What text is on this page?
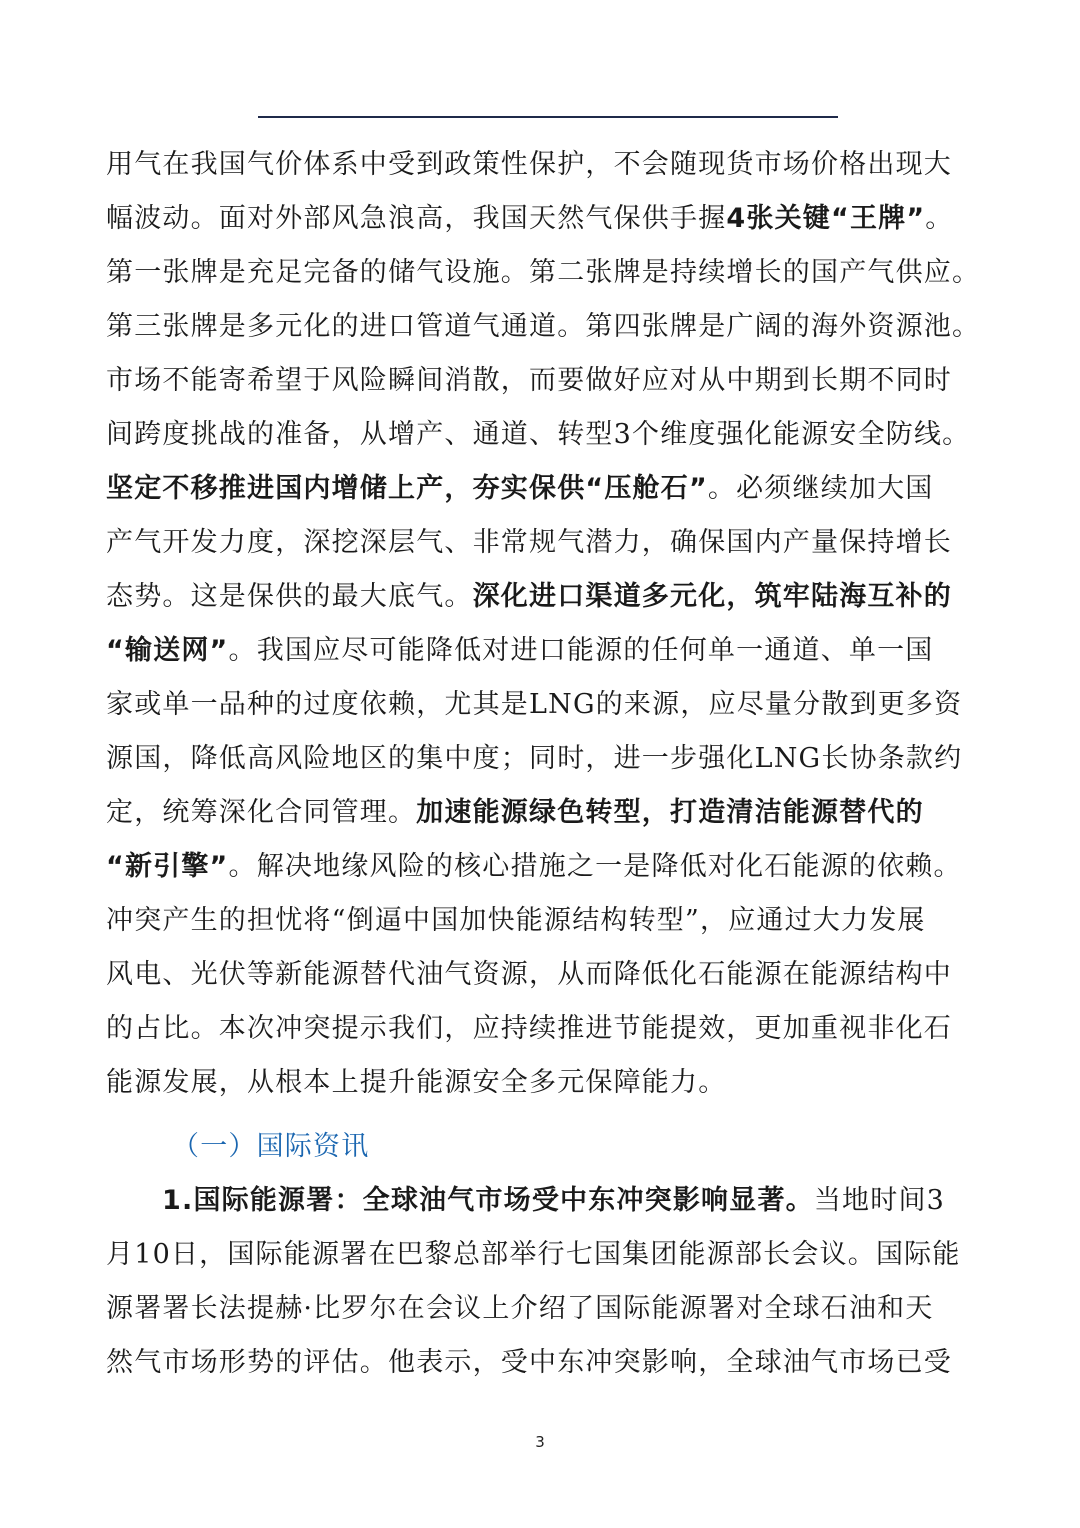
用气在我国气价体系中受到政策性保护，不会随现货市场价格出现大
幅波动。面对外部风急浪高，我国天然气保供手握4张关键“王牌”。
第一张牌是充足完备的储气设施。第二张牌是持续增长的国产气供应。
第三张牌是多元化的进口管道气通道。第四张牌是广阔的海外资源池。
市场不能寄希望于风险瞬间消散，而要做好应对从中期到长期不同时
间跨度挑战的准备，从增产、通道、转型3个维度强化能源安全防线。
坚定不移推进国内增储上产，夯实保供“压舱石”。必须继续加大国
产气开发力度，深挖深层气、非常规气潜力，确保国内产量保持增长
态势。这是保供的最大底气。深化进口渠道多元化，筑牢陆海互补的
“输送网”。我国应尽可能降低对进口能源的任何单一通道、单一国
家或单一品种的过度依赖，尤其是LNG的来源，应尽量分散到更多资
源国，降低高风险地区的集中度；同时，进一步强化LNG长协条款约
定，统筹深化合同管理。加速能源绿色转型，打造清洁能源替代的
“新引擎”。解决地缘风险的核心措施之一是降低对化石能源的依赖。
冲突产生的担忧将“倒逼中国加快能源结构转型”，应通过大力发展
风电、光伏等新能源替代油气资源，从而降低化石能源在能源结构中
的占比。本次冲突提示我们，应持续推进节能提效，更加重视非化石
能源发展，从根本上提升能源安全多元保障能力。
（一）国际资讯
1.国际能源署：全球油气市场受中东冲突影响显著。当地时间3
月10日，国际能源署在巴黎总部举行七国集团能源部长会议。国际能
源署署长法提赫·比罗尔在会议上介绍了国际能源署对全球石油和天
然气市场形势的评估。他表示，受中东冲突影响，全球油气市场已受
3
